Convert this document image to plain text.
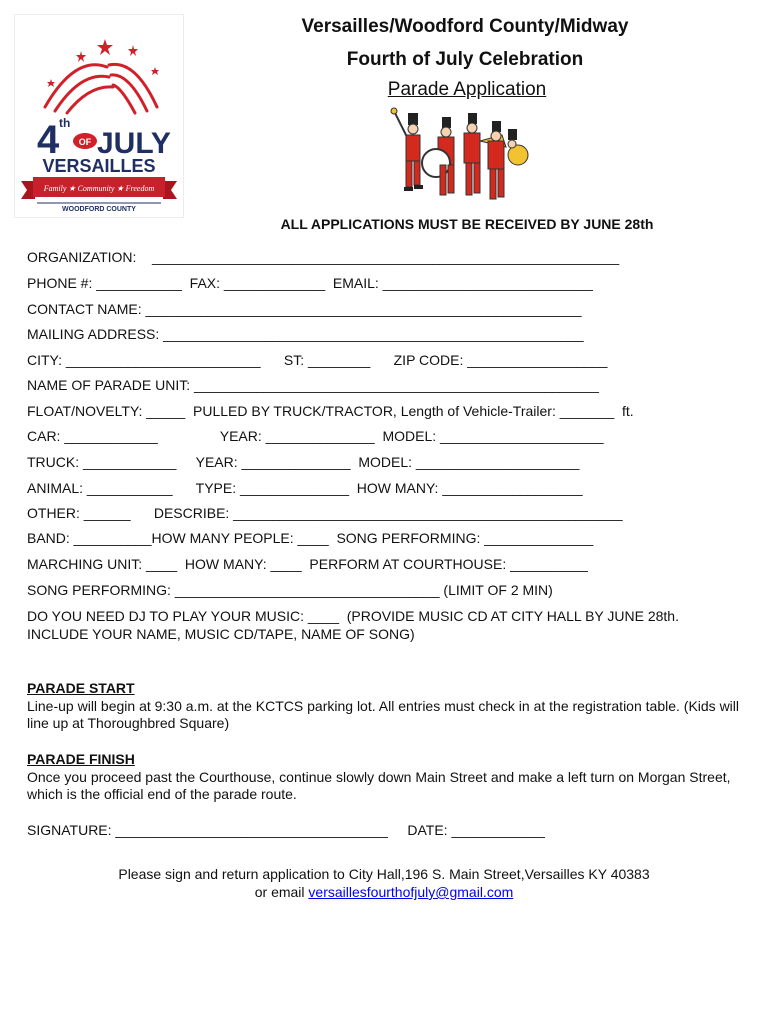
4 th
OF JULY
VERSAILLES
Family ★ Community ★ Freedom
WOODFORD COUNTY
Versailles/Woodford County/Midway
Fourth of July Celebration
Parade Application
ALL APPLICATIONS MUST BE RECEIVED BY JUNE 28th
ORGANIZATION:    ____________________________________________________________
PHONE #: ___________  FAX: _____________  EMAIL: ___________________________
CONTACT NAME: ________________________________________________________
MAILING ADDRESS: ______________________________________________________
CITY: _________________________      ST: ________      ZIP CODE: __________________
NAME OF PARADE UNIT: ____________________________________________________
FLOAT/NOVELTY: _____  PULLED BY TRUCK/TRACTOR, Length of Vehicle-Trailer: _______  ft.
CAR: ____________                YEAR: ______________  MODEL: _____________________
TRUCK: ____________     YEAR: ______________  MODEL: _____________________
ANIMAL: ___________      TYPE: ______________  HOW MANY: __________________
OTHER: ______      DESCRIBE: __________________________________________________
BAND: __________HOW MANY PEOPLE: ____  SONG PERFORMING: ______________
MARCHING UNIT: ____  HOW MANY: ____  PERFORM AT COURTHOUSE: __________
SONG PERFORMING: __________________________________ (LIMIT OF 2 MIN)
DO YOU NEED DJ TO PLAY YOUR MUSIC: ____  (PROVIDE MUSIC CD AT CITY HALL BY JUNE 28th.
INCLUDE YOUR NAME, MUSIC CD/TAPE, NAME OF SONG)
PARADE START
Line-up will begin at 9:30 a.m. at the KCTCS parking lot. All entries must check in at the registration table. (Kids will line up at Thoroughbred Square)
PARADE FINISH
Once you proceed past the Courthouse, continue slowly down Main Street and make a left turn on Morgan Street, which is the official end of the parade route.
SIGNATURE: ___________________________________     DATE: ____________
Please sign and return application to City Hall,196 S. Main Street,Versailles KY 40383
or email versaillesfourthofjuly@gmail.com
